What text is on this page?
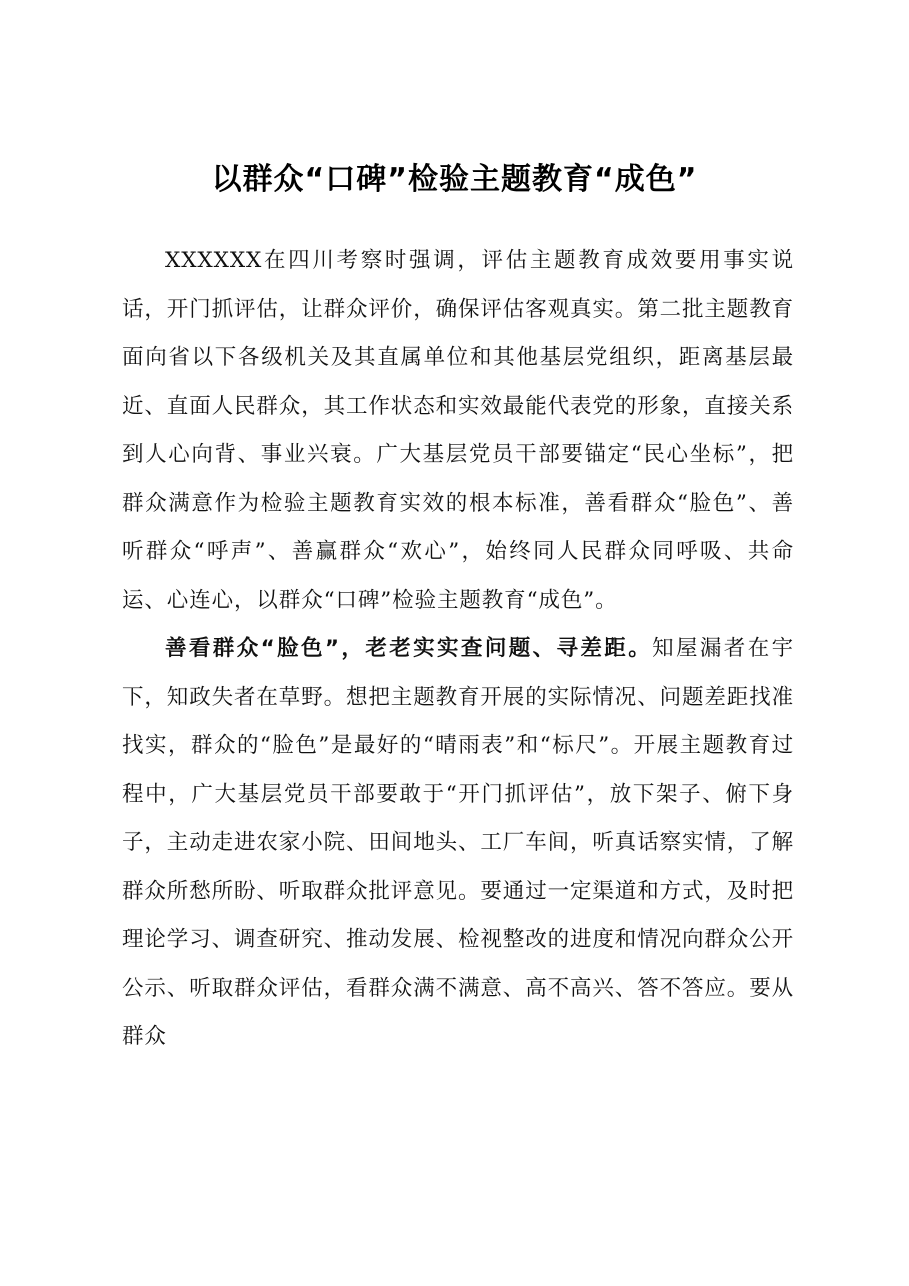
以群众“口碑”检验主题教育“成色”

XXXXXX在四川考察时强调，评估主题教育成效要用事实说话，开门抓评估，让群众评价，确保评估客观真实。第二批主题教育面向省以下各级机关及其直属单位和其他基层党组织，距离基层最近、直面人民群众，其工作状态和实效最能代表党的形象，直接关系到人心向背、事业兴衰。广大基层党员干部要锚定“民心坐标”，把群众满意作为检验主题教育实效的根本标准，善看群众“脸色”、善听群众“呼声”、善赢群众“欢心”，始终同人民群众同呼吸、共命运、心连心，以群众“口碑”检验主题教育“成色”。

善看群众“脸色”，老老实实查问题、寻差距。知屋漏者在宇下，知政失者在草野。想把主题教育开展的实际情况、问题差距找准找实，群众的“脸色”是最好的“晴雨表”和“标尺”。开展主题教育过程中，广大基层党员干部要敢于“开门抓评估”，放下架子、俯下身子，主动走进农家小院、田间地头、工厂车间，听真话察实情，了解群众所愁所盼、听取群众批评意见。要通过一定渠道和方式，及时把理论学习、调查研究、推动发展、检视整改的进度和情况向群众公开公示、听取群众评估，看群众满不满意、高不高兴、答不答应。要从群众
